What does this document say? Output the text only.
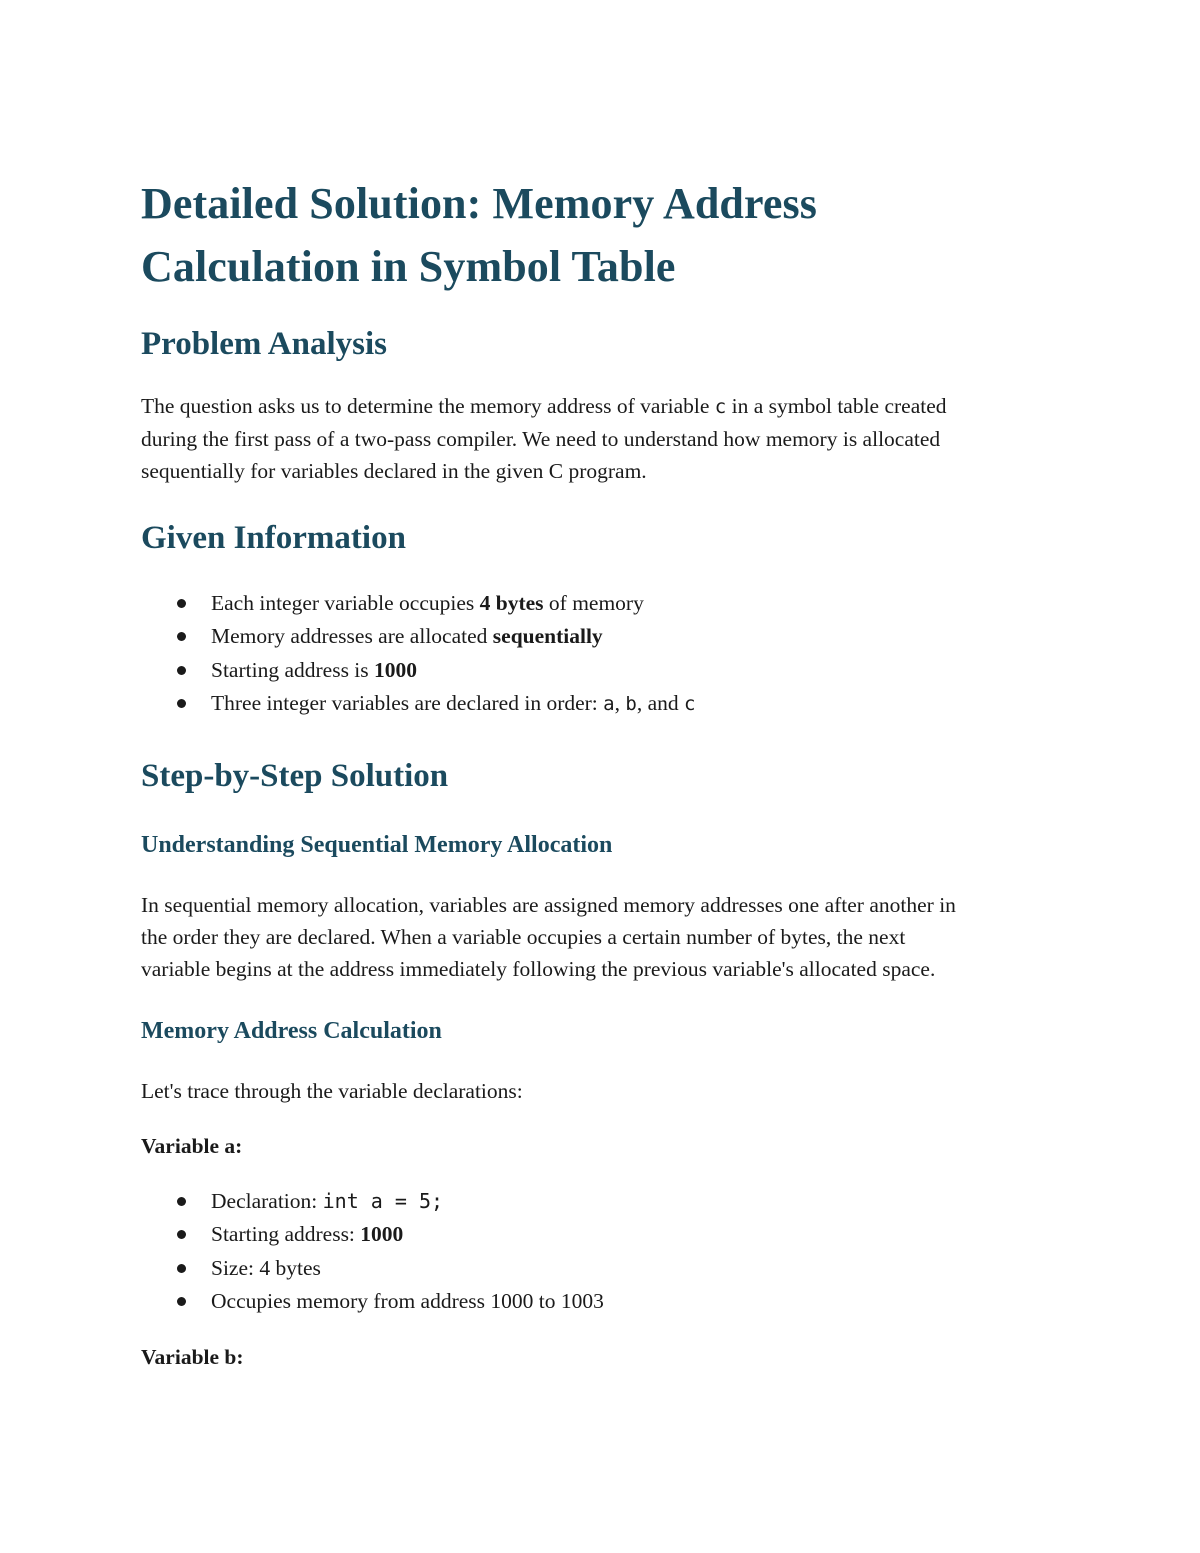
Detailed Solution: Memory Address
Calculation in Symbol Table
Problem Analysis

The question asks us to determine the memory address of variable c in a symbol table created
during the first pass of a two-pass compiler. We need to understand how memory is allocated
sequentially for variables declared in the given C program.

Given Information
Each integer variable occupies 4 bytes of memory
Memory addresses are allocated sequentially
Starting address is 1000
Three integer variables are declared in order: a, b, and c
Step-by-Step Solution
Understanding Sequential Memory Allocation

In sequential memory allocation, variables are assigned memory addresses one after another in
the order they are declared. When a variable occupies a certain number of bytes, the next
variable begins at the address immediately following the previous variable's allocated space.

Memory Address Calculation

Let's trace through the variable declarations:

Variable a:

Declaration: int a = 5;
Starting address: 1000
Size: 4 bytes
Occupies memory from address 1000 to 1003

Variable b:
